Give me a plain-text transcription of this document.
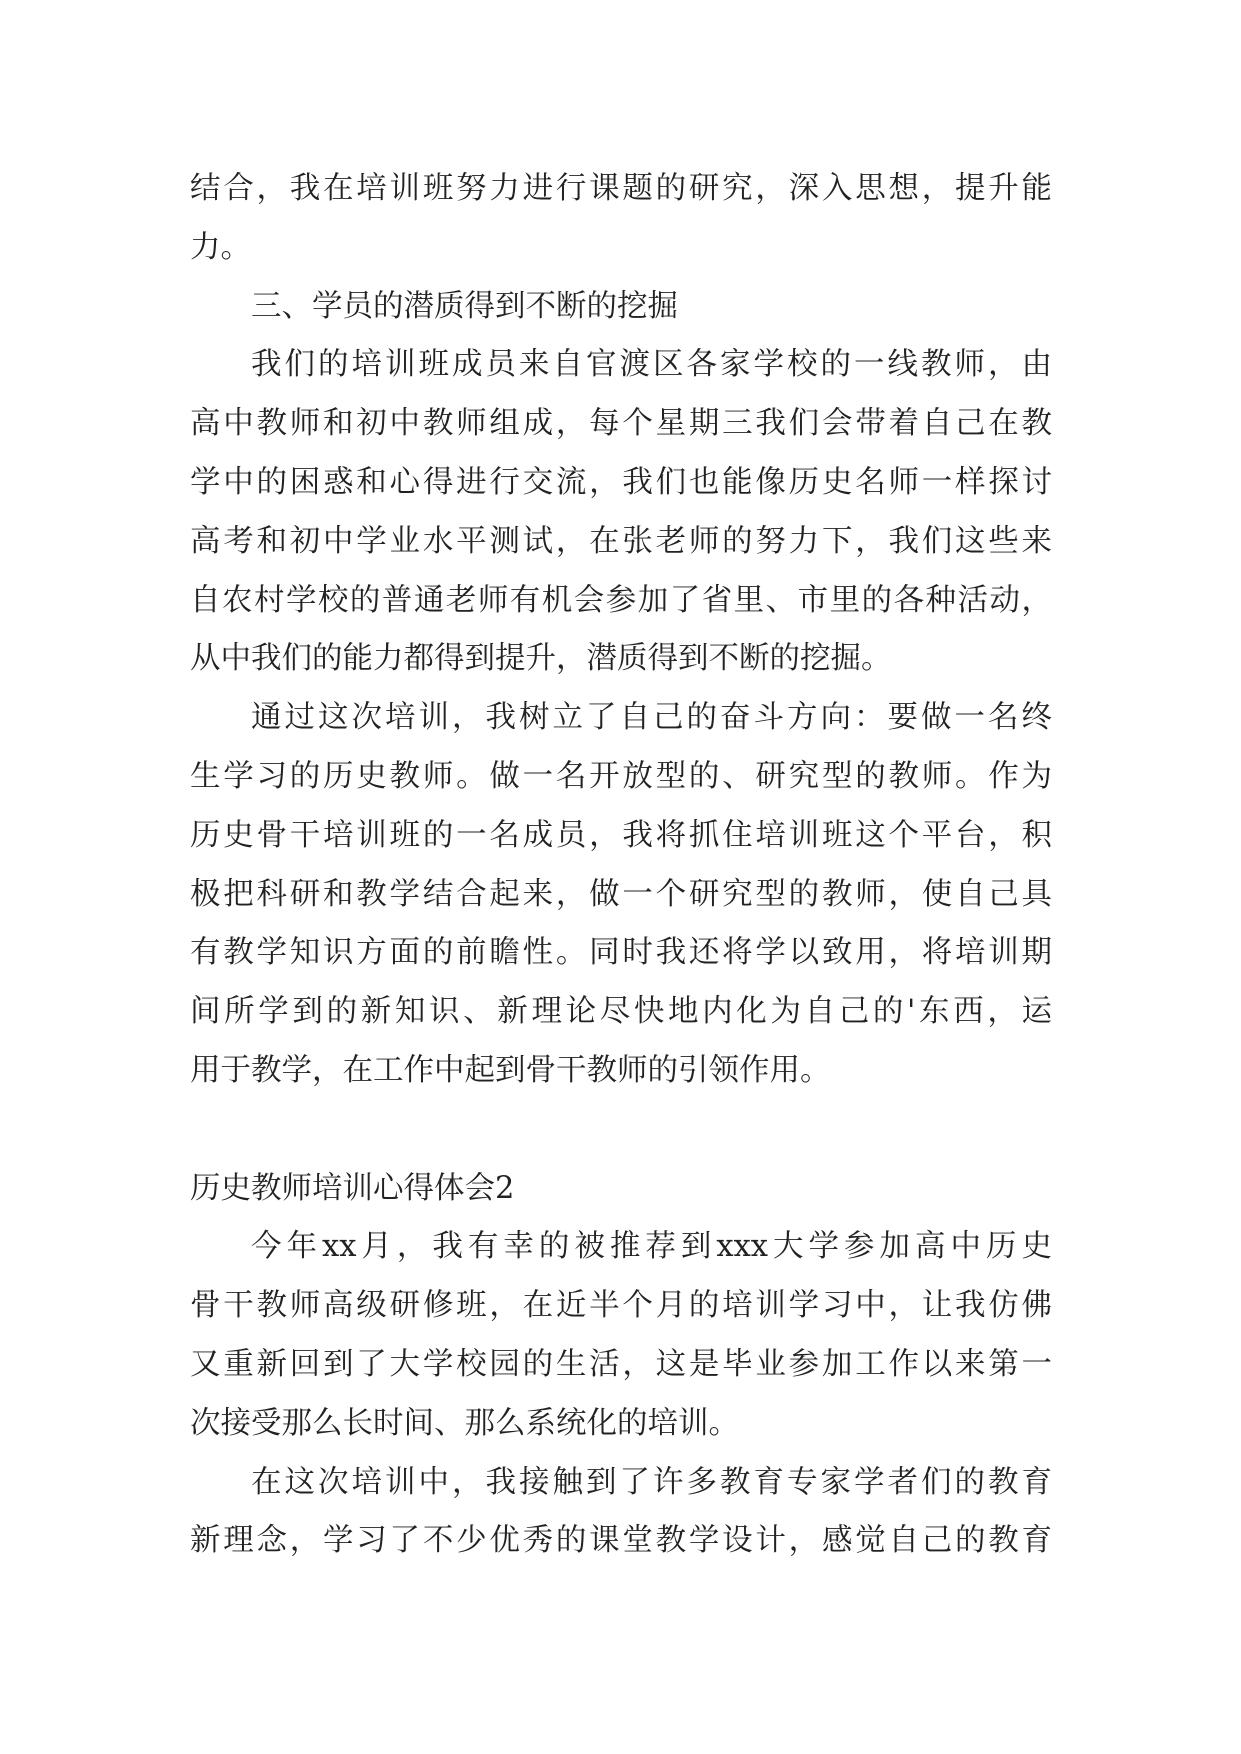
结合，我在培训班努力进行课题的研究，深入思想，提升能
力。
三、学员的潜质得到不断的挖掘
我们的培训班成员来自官渡区各家学校的一线教师，由
高中教师和初中教师组成，每个星期三我们会带着自己在教
学中的困惑和心得进行交流，我们也能像历史名师一样探讨
高考和初中学业水平测试，在张老师的努力下，我们这些来
自农村学校的普通老师有机会参加了省里、市里的各种活动，
从中我们的能力都得到提升，潜质得到不断的挖掘。
通过这次培训，我树立了自己的奋斗方向：要做一名终
生学习的历史教师。做一名开放型的、研究型的教师。作为
历史骨干培训班的一名成员，我将抓住培训班这个平台，积
极把科研和教学结合起来，做一个研究型的教师，使自己具
有教学知识方面的前瞻性。同时我还将学以致用，将培训期
间所学到的新知识、新理论尽快地内化为自己的'东西，运
用于教学，在工作中起到骨干教师的引领作用。
历史教师培训心得体会2
今年xx月，我有幸的被推荐到xxx大学参加高中历史
骨干教师高级研修班，在近半个月的培训学习中，让我仿佛
又重新回到了大学校园的生活，这是毕业参加工作以来第一
次接受那么长时间、那么系统化的培训。
在这次培训中，我接触到了许多教育专家学者们的教育
新理念，学习了不少优秀的课堂教学设计，感觉自己的教育
